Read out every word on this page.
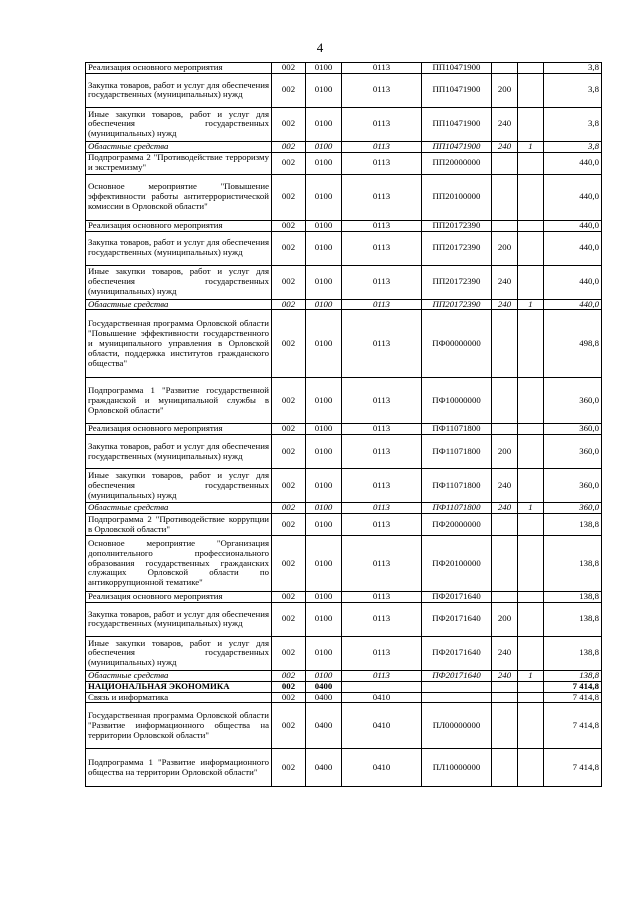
4
Реализация основного мероприятия	002	0100	0113	ПП10471900			3,8
Закупка товаров, работ и услуг для обеспечения государственных (муниципальных) нужд	002	0100	0113	ПП10471900	200		3,8
Иные закупки товаров, работ и услуг для обеспечения государственных (муниципальных) нужд	002	0100	0113	ПП10471900	240		3,8
Областные средства	002	0100	0113	ПП10471900	240	1	3,8
Подпрограмма 2 "Противодействие терроризму и экстремизму"	002	0100	0113	ПП20000000			440,0
Основное мероприятие "Повышение эффективности работы антитеррористической комиссии в Орловской области"	002	0100	0113	ПП20100000			440,0
Реализация основного мероприятия	002	0100	0113	ПП20172390			440,0
Закупка товаров, работ и услуг для обеспечения государственных (муниципальных) нужд	002	0100	0113	ПП20172390	200		440,0
Иные закупки товаров, работ и услуг для обеспечения государственных (муниципальных) нужд	002	0100	0113	ПП20172390	240		440,0
Областные средства	002	0100	0113	ПП20172390	240	1	440,0
Государственная программа Орловской области "Повышение эффективности государственного и муниципального управления в Орловской области, поддержка институтов гражданского общества"	002	0100	0113	ПФ00000000			498,8
Подпрограмма 1 "Развитие государственной гражданской и муниципальной службы в Орловской области"	002	0100	0113	ПФ10000000			360,0
Реализация основного мероприятия	002	0100	0113	ПФ11071800			360,0
Закупка товаров, работ и услуг для обеспечения государственных (муниципальных) нужд	002	0100	0113	ПФ11071800	200		360,0
Иные закупки товаров, работ и услуг для обеспечения государственных (муниципальных) нужд	002	0100	0113	ПФ11071800	240		360,0
Областные средства	002	0100	0113	ПФ11071800	240	1	360,0
Подпрограмма 2 "Противодействие коррупции в Орловской области"	002	0100	0113	ПФ20000000			138,8
Основное мероприятие "Организация дополнительного профессионального образования государственных гражданских служащих Орловской области по антикоррупционной тематике"	002	0100	0113	ПФ20100000			138,8
Реализация основного мероприятия	002	0100	0113	ПФ20171640			138,8
Закупка товаров, работ и услуг для обеспечения государственных (муниципальных) нужд	002	0100	0113	ПФ20171640	200		138,8
Иные закупки товаров, работ и услуг для обеспечения государственных (муниципальных) нужд	002	0100	0113	ПФ20171640	240		138,8
Областные средства	002	0100	0113	ПФ20171640	240	1	138,8
НАЦИОНАЛЬНАЯ ЭКОНОМИКА	002	0400					7 414,8
Связь и информатика	002	0400	0410				7 414,8
Государственная программа Орловской области "Развитие информационного общества на территории Орловской области"	002	0400	0410	ПЛ00000000			7 414,8
Подпрограмма 1 "Развитие информационного общества на территории Орловской области"	002	0400	0410	ПЛ10000000			7 414,8
